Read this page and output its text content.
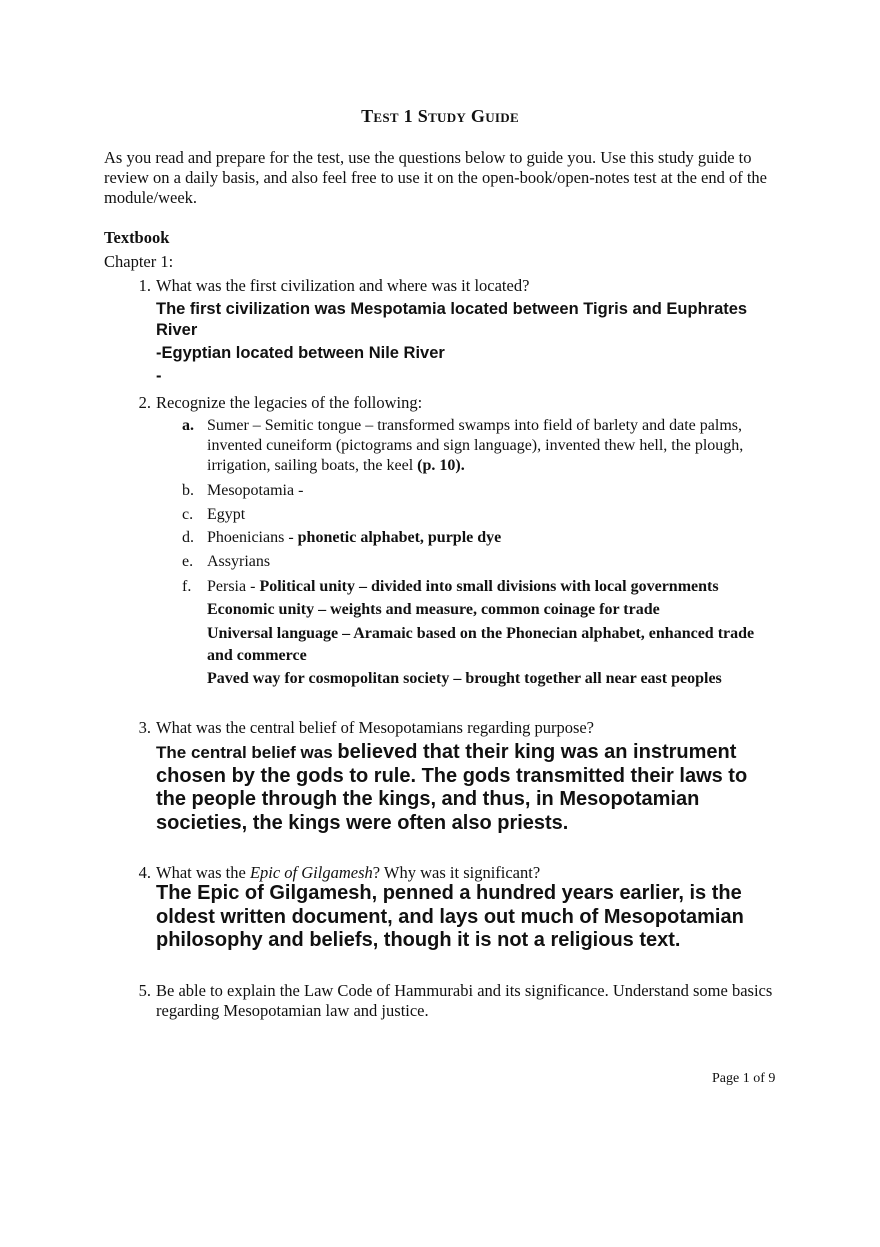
Test 1 Study Guide
As you read and prepare for the test, use the questions below to guide you. Use this study guide to review on a daily basis, and also feel free to use it on the open-book/open-notes test at the end of the module/week.
Textbook
Chapter 1:
1. What was the first civilization and where was it located?
The first civilization was Mespotamia located between Tigris and Euphrates River
-Egyptian located between Nile River
-
2. Recognize the legacies of the following:
a. Sumer – Semitic tongue – transformed swamps into field of barlety and date palms, invented cuneiform (pictograms and sign language), invented thew hell, the plough, irrigation, sailing boats, the keel (p. 10).
b. Mesopotamia -
c. Egypt
d. Phoenicians - phonetic alphabet, purple dye
e. Assyrians
f. Persia - Political unity – divided into small divisions with local governments
Economic unity – weights and measure, common coinage for trade
Universal language – Aramaic based on the Phonecian alphabet, enhanced trade and commerce
Paved way for cosmopolitan society – brought together all near east peoples
3. What was the central belief of Mesopotamians regarding purpose?
The central belief was believed that their king was an instrument chosen by the gods to rule. The gods transmitted their laws to the people through the kings, and thus, in Mesopotamian societies, the kings were often also priests.
4. What was the Epic of Gilgamesh? Why was it significant?
The Epic of Gilgamesh, penned a hundred years earlier, is the oldest written document, and lays out much of Mesopotamian philosophy and beliefs, though it is not a religious text.
5. Be able to explain the Law Code of Hammurabi and its significance. Understand some basics regarding Mesopotamian law and justice.
Page 1 of 9
